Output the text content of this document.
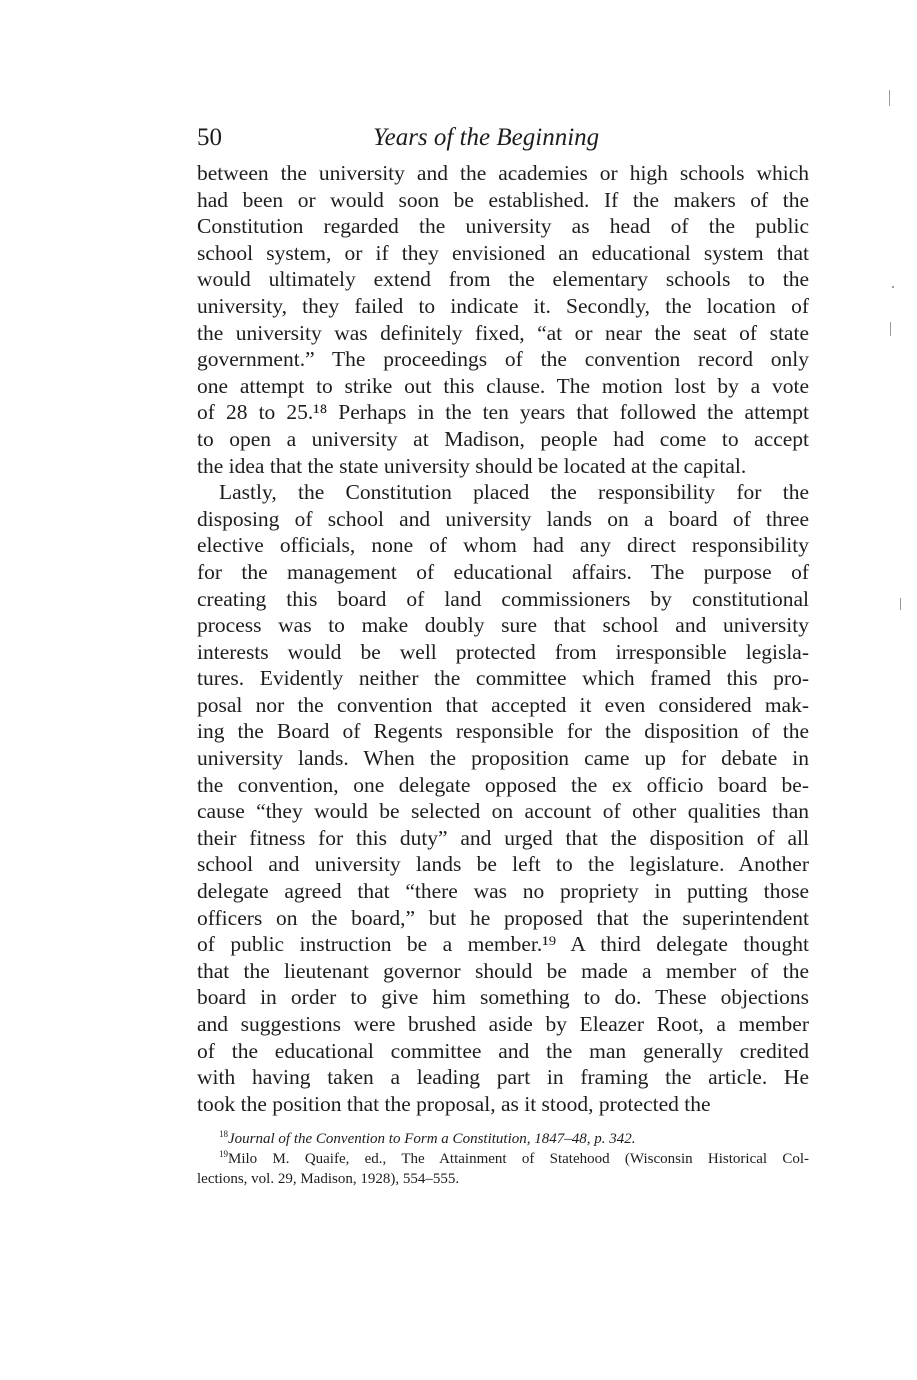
50	Years of the Beginning
between the university and the academies or high schools which
had been or would soon be established. If the makers of the
Constitution regarded the university as head of the public
school system, or if they envisioned an educational system that
would ultimately extend from the elementary schools to the
university, they failed to indicate it. Secondly, the location of
the university was definitely fixed, “at or near the seat of state
government.” The proceedings of the convention record only
one attempt to strike out this clause. The motion lost by a vote
of 28 to 25.¹⁸ Perhaps in the ten years that followed the attempt
to open a university at Madison, people had come to accept
the idea that the state university should be located at the capital.
Lastly, the Constitution placed the responsibility for the
disposing of school and university lands on a board of three
elective officials, none of whom had any direct responsibility
for the management of educational affairs. The purpose of
creating this board of land commissioners by constitutional
process was to make doubly sure that school and university
interests would be well protected from irresponsible legisla-
tures. Evidently neither the committee which framed this pro-
posal nor the convention that accepted it even considered mak-
ing the Board of Regents responsible for the disposition of the
university lands. When the proposition came up for debate in
the convention, one delegate opposed the ex officio board be-
cause “they would be selected on account of other qualities than
their fitness for this duty” and urged that the disposition of all
school and university lands be left to the legislature. Another
delegate agreed that “there was no propriety in putting those
officers on the board,” but he proposed that the superintendent
of public instruction be a member.¹⁹ A third delegate thought
that the lieutenant governor should be made a member of the
board in order to give him something to do. These objections
and suggestions were brushed aside by Eleazer Root, a member
of the educational committee and the man generally credited
with having taken a leading part in framing the article. He
took the position that the proposal, as it stood, protected the
$^{18}$Journal of the Convention to Form a Constitution, 1847–48, p. 342.
$^{19}$Milo M. Quaife, ed., The Attainment of Statehood (Wisconsin Historical Col-
lections, vol. 29, Madison, 1928), 554–555.
